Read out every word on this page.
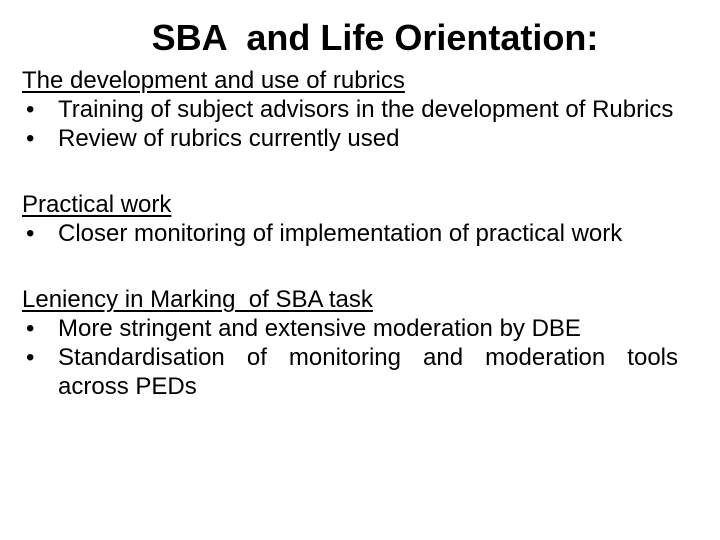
SBA  and Life Orientation:

The development and use of rubrics

• Training of subject advisors in the development of Rubrics
• Review of rubrics currently used

Practical work

• Closer monitoring of implementation of practical work

Leniency in Marking  of SBA task

• More stringent and extensive moderation by DBE
• Standardisation of monitoring and moderation tools across PEDs
